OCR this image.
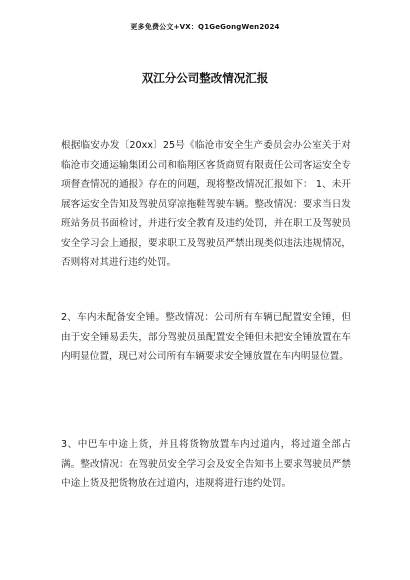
更多免费公文+VX：Q1GeGongWen2024
双江分公司整改情况汇报

根据临安办发〔20xx〕25号《临沧市安全生产委员会办公室关于对临沧市交通运输集团公司和临翔区客货商贸有限责任公司客运安全专项督查情况的通报》存在的问题，现将整改情况汇报如下： 1、未开展客运安全告知及驾驶员穿凉拖鞋驾驶车辆。整改情况：要求当日发班站务员书面检讨，并进行安全教育及违约处罚，并在职工及驾驶员安全学习会上通报，要求职工及驾驶员严禁出现类似违法违规情况，否则将对其进行违约处罚。

2、车内未配备安全锤。整改情况：公司所有车辆已配置安全锤，但由于安全锤易丢失，部分驾驶员虽配置安全锤但未把安全锤放置在车内明显位置，现已对公司所有车辆要求安全锤放置在车内明显位置。

3、中巴车中途上货，并且将货物放置车内过道内，将过道全部占满。整改情况：在驾驶员安全学习会及安全告知书上要求驾驶员严禁中途上货及把货物放在过道内，违规将进行违约处罚。
